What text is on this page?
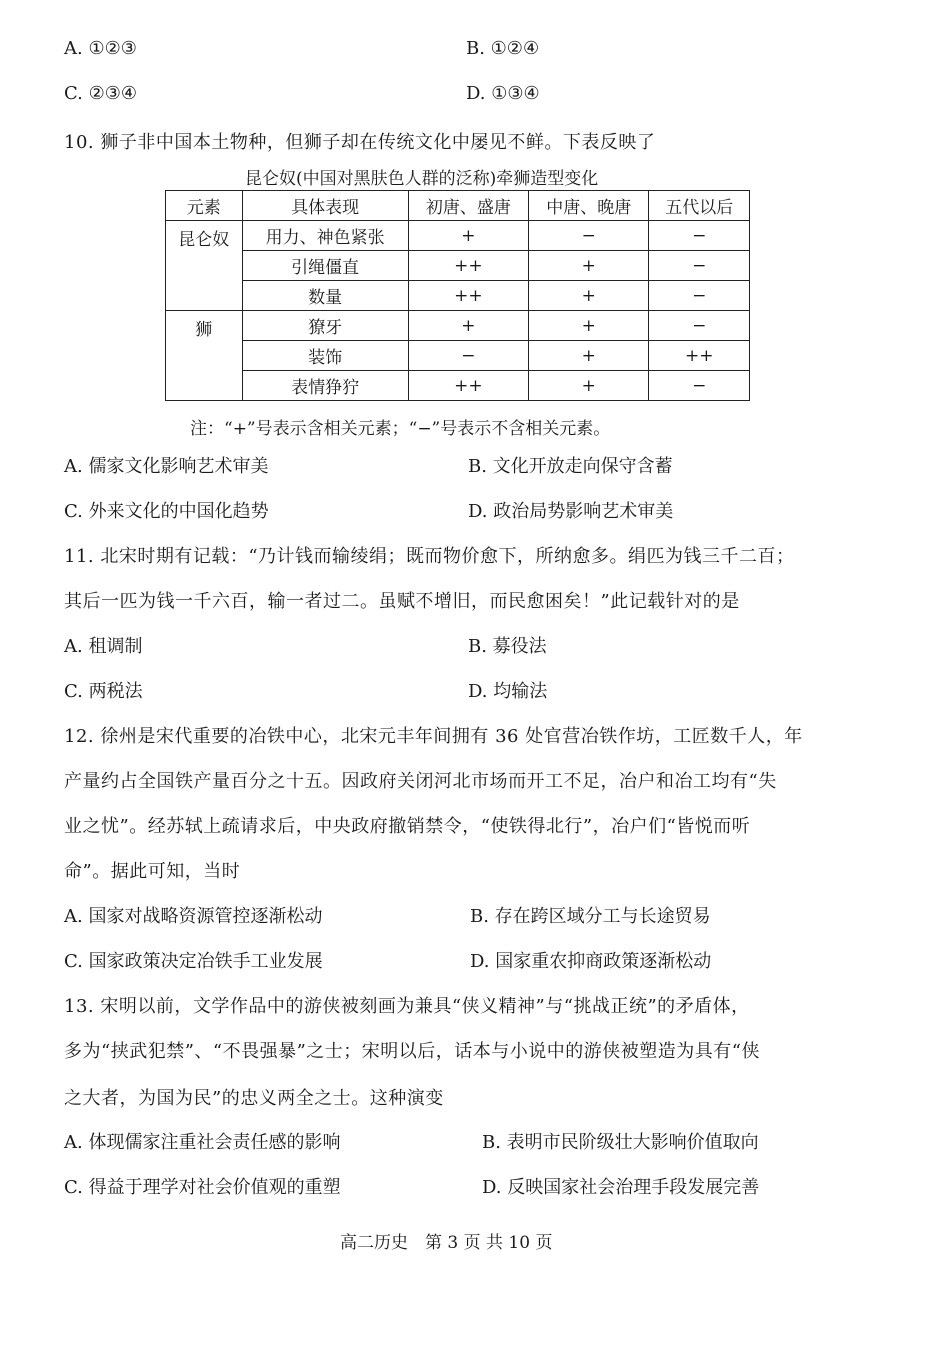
A. ①②③	B. ①②④
C. ②③④	D. ①③④
10. 狮子非中国本土物种，但狮子却在传统文化中屡见不鲜。下表反映了
昆仑奴(中国对黑肤色人群的泛称)牵狮造型变化
元素	具体表现	初唐、盛唐	中唐、晚唐	五代以后
昆仑奴	用力、神色紧张	+	−	−
	引绳僵直	++	+	−
	数量	++	+	−
狮	獠牙	+	+	−
	装饰	−	+	++
	表情狰狞	++	+	−
注：“+”号表示含相关元素；“−”号表示不含相关元素。
A. 儒家文化影响艺术审美	B. 文化开放走向保守含蓄
C. 外来文化的中国化趋势	D. 政治局势影响艺术审美
11. 北宋时期有记载：“乃计钱而输绫绢；既而物价愈下，所纳愈多。绢匹为钱三千二百；
其后一匹为钱一千六百，输一者过二。虽赋不增旧，而民愈困矣！”此记载针对的是
A. 租调制	B. 募役法
C. 两税法	D. 均输法
12. 徐州是宋代重要的冶铁中心，北宋元丰年间拥有 36 处官营冶铁作坊，工匠数千人，年
产量约占全国铁产量百分之十五。因政府关闭河北市场而开工不足，冶户和冶工均有“失
业之忧”。经苏轼上疏请求后，中央政府撤销禁令，“使铁得北行”，冶户们“皆悦而听
命”。据此可知，当时
A. 国家对战略资源管控逐渐松动	B. 存在跨区域分工与长途贸易
C. 国家政策决定冶铁手工业发展	D. 国家重农抑商政策逐渐松动
13. 宋明以前，文学作品中的游侠被刻画为兼具“侠义精神”与“挑战正统”的矛盾体，
多为“挟武犯禁”、“不畏强暴”之士；宋明以后，话本与小说中的游侠被塑造为具有“侠
之大者，为国为民”的忠义两全之士。这种演变
A. 体现儒家注重社会责任感的影响	B. 表明市民阶级壮大影响价值取向
C. 得益于理学对社会价值观的重塑	D. 反映国家社会治理手段发展完善
高二历史　第 3 页 共 10 页
